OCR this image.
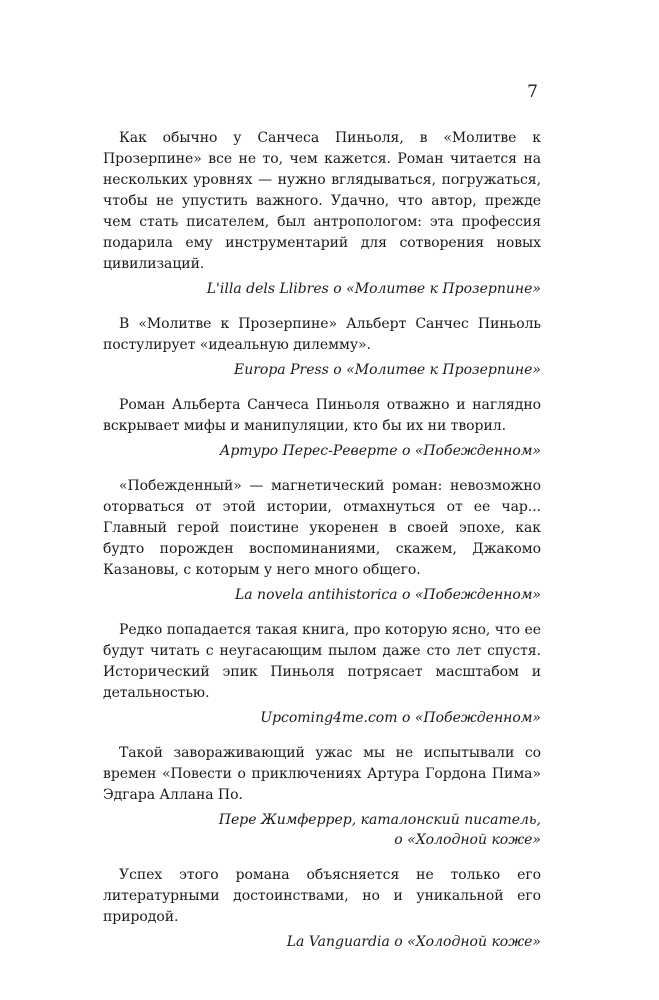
7

Как обычно у Санчеса Пиньоля, в «Молитве к Прозерпине» все не то, чем кажется. Роман читается на нескольких уровнях — нужно вглядываться, погружаться, чтобы не упустить важного. Удачно, что автор, прежде чем стать писателем, был антропологом: эта профессия подарила ему инструментарий для сотворения новых цивилизаций.

L'illa dels Llibres о «Молитве к Прозерпине»

В «Молитве к Прозерпине» Альберт Санчес Пиньоль постулирует «идеальную дилемму».

Europa Press о «Молитве к Прозерпине»

Роман Альберта Санчеса Пиньоля отважно и наглядно вскрывает мифы и манипуляции, кто бы их ни творил.

Артуро Перес-Реверте о «Побежденном»

«Побежденный» — магнетический роман: невозможно оторваться от этой истории, отмахнуться от ее чар... Главный герой поистине укоренен в своей эпохе, как будто порожден воспоминаниями, скажем, Джакомо Казановы, с которым у него много общего.

La novela antihistorica о «Побежденном»

Редко попадается такая книга, про которую ясно, что ее будут читать с неугасающим пылом даже сто лет спустя. Исторический эпик Пиньоля потрясает масштабом и детальностью.

Upcoming4me.com о «Побежденном»

Такой завораживающий ужас мы не испытывали со времен «Повести о приключениях Артура Гордона Пима» Эдгара Аллана По.

Пере Жимферрер, каталонский писатель,
о «Холодной коже»

Успех этого романа объясняется не только его литературными достоинствами, но и уникальной его природой.

La Vanguardia о «Холодной коже»
